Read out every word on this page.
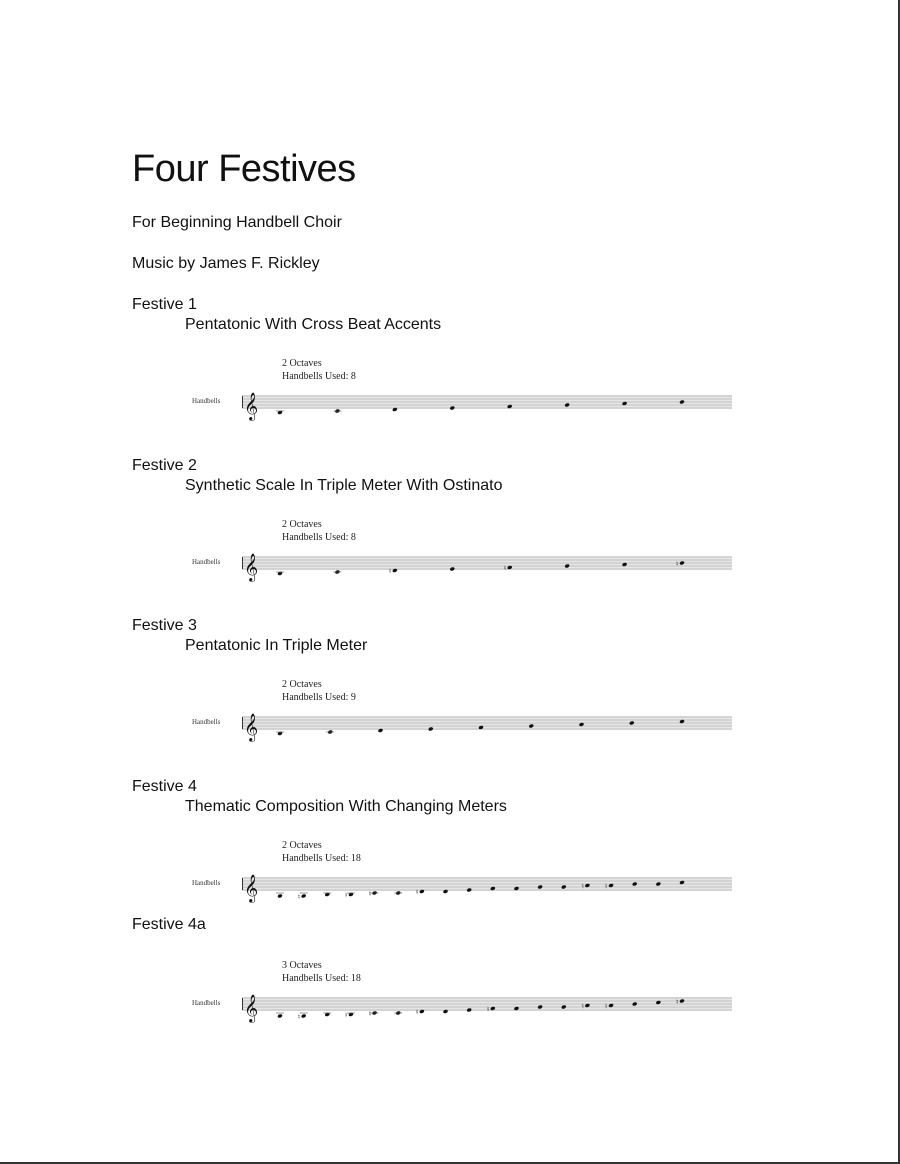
Four Festives
For Beginning Handbell Choir
Music by James F. Rickley
Festive 1
Pentatonic With Cross Beat Accents
2 Octaves
Handbells Used: 8
Handbells 𝄞
Festive 2
Synthetic Scale In Triple Meter With Ostinato
2 Octaves
Handbells Used: 8
Handbells 𝄞	♮	♮
♮
Festive 3
Pentatonic In Triple Meter
2 Octaves
Handbells Used: 9
Handbells 𝄞
Festive 4
Thematic Composition With Changing Meters
2 Octaves
Handbells Used: 18
Handbells 𝄞	♮	♮	♮	♮
♮	♮
Festive 4a
3 Octaves
Handbells Used: 18
Handbells 𝄞	♮	♮	♮	♮	♮	♮	♮
♮
